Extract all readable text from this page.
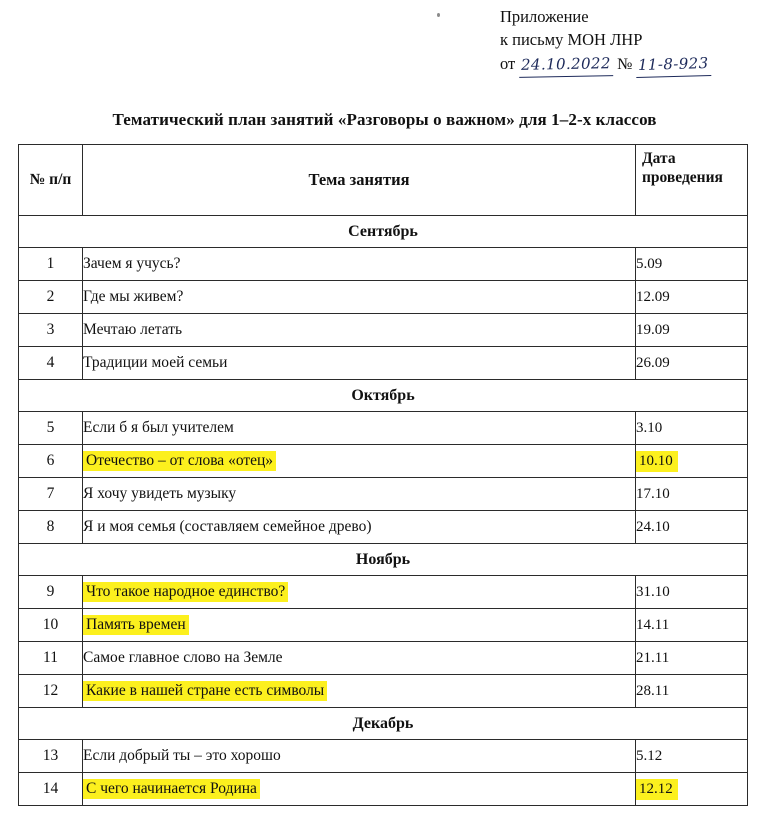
Приложение
к письму МОН ЛНР
от 24.10.2022 № 11-8-923
Тематический план занятий «Разговоры о важном» для 1–2-х классов
№ п/п	Тема занятия	Дата проведения
Сентябрь		
1	Зачем я учусь?	5.09
2	Где мы живем?	12.09
3	Мечтаю летать	19.09
4	Традиции моей семьи	26.09
Октябрь		
5	Если б я был учителем	3.10
6	Отечество – от слова «отец»	10.10
7	Я хочу увидеть музыку	17.10
8	Я и моя семья (составляем семейное древо)	24.10
Ноябрь		
9	Что такое народное единство?	31.10
10	Память времен	14.11
11	Самое главное слово на Земле	21.11
12	Какие в нашей стране есть символы	28.11
Декабрь		
13	Если добрый ты – это хорошо	5.12
14	С чего начинается Родина	12.12
